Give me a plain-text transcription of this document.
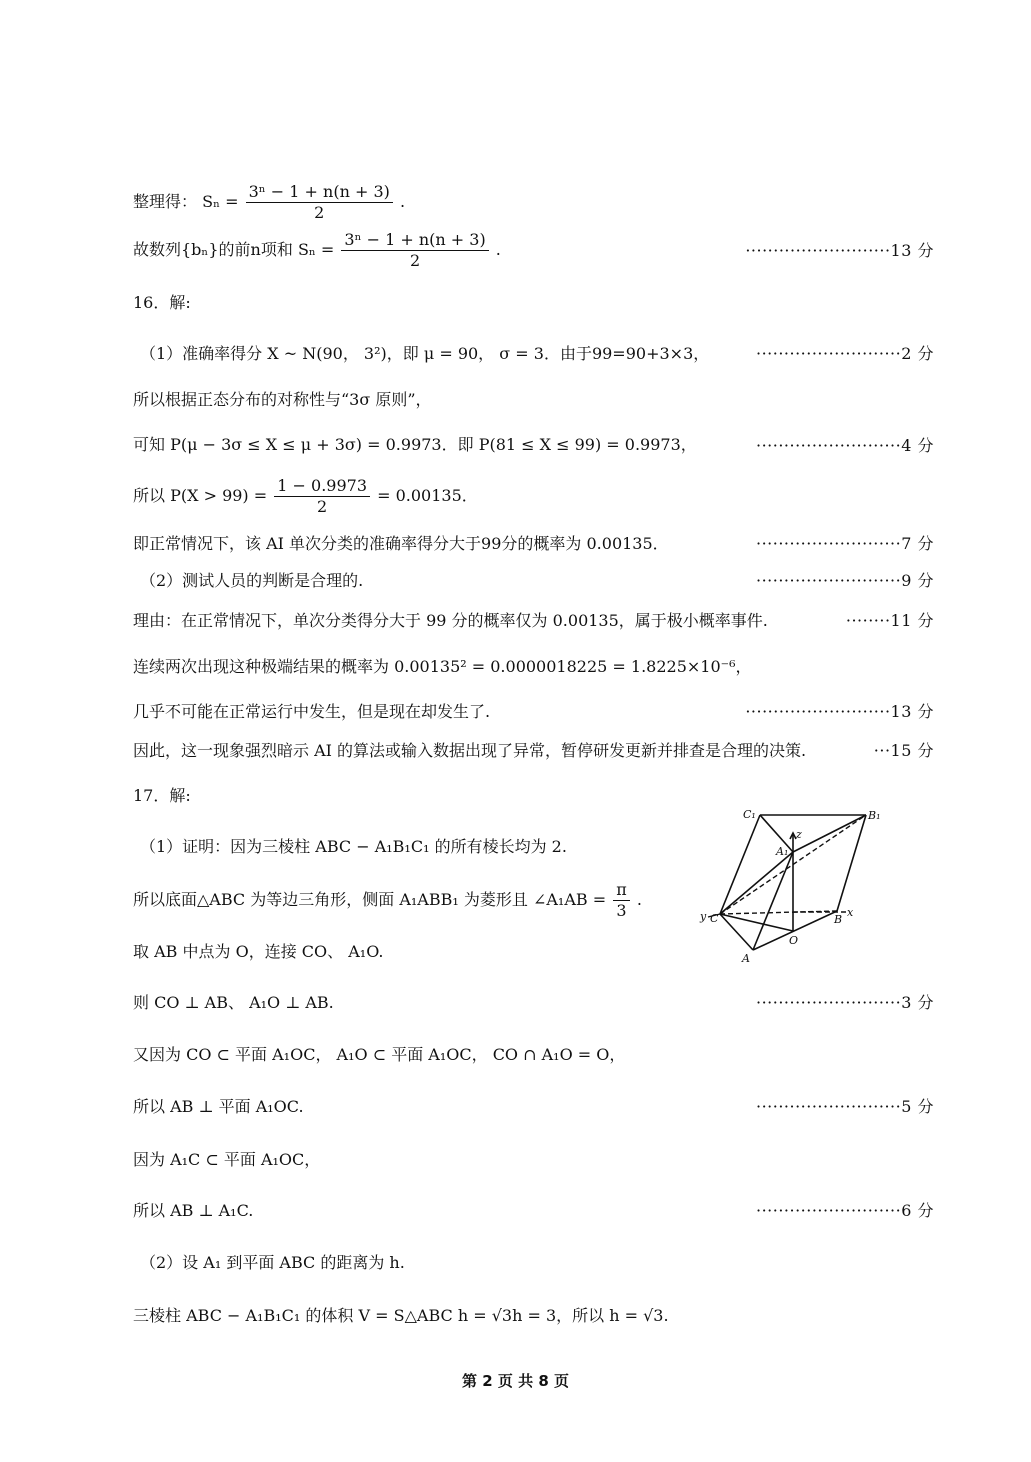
整理得： $S_n = \frac{\text{3ⁿ − 1 + n(n + 3)}}{2}$ .
故数列{bₙ}的前n项和 $S_n = \frac{\text{3ⁿ − 1 + n(n + 3)}}{2}$ .	··························13 分
16．解:
（1）准确率得分 X ~ N(90， 3²)，即 μ = 90， σ = 3．由于99=90+3×3，	··························2 分
所以根据正态分布的对称性与“3σ 原则”，
可知 P(μ − 3σ ≤ X ≤ μ + 3σ) = 0.9973．即 P(81 ≤ X ≤ 99) = 0.9973，	··························4 分
所以 $P(X > 99) = \frac{1 - 0.9973}{2} = 0.00135$．
即正常情况下，该 AI 单次分类的准确率得分大于99分的概率为 0.00135．	··························7 分
（2）测试人员的判断是合理的.	··························9 分
理由：在正常情况下，单次分类得分大于 99 分的概率仅为 0.00135，属于极小概率事件.	········11 分
连续两次出现这种极端结果的概率为 0.00135² = 0.0000018225 = 1.8225×10⁻⁶，
几乎不可能在正常运行中发生，但是现在却发生了.	··························13 分
因此，这一现象强烈暗示 AI 的算法或输入数据出现了异常，暂停研发更新并排查是合理的决策.	···15 分
17．解:
（1）证明：因为三棱柱 ABC − A₁B₁C₁ 的所有棱长均为 2.
所以底面△ABC 为等边三角形，侧面 A₁ABB₁ 为菱形且 ∠A₁AB = $\frac{\pi}{3}$ .
取 AB 中点为 O，连接 CO、 A₁O.
则 CO ⊥ AB、 A₁O ⊥ AB.	··························3 分
又因为 CO ⊂ 平面 A₁OC， A₁O ⊂ 平面 A₁OC， CO ∩ A₁O = O，
所以 AB ⊥ 平面 A₁OC.	··························5 分
因为 A₁C ⊂ 平面 A₁OC，
所以 AB ⊥ A₁C.	··························6 分
（2）设 A₁ 到平面 ABC 的距离为 h.
三棱柱 ABC − A₁B₁C₁ 的体积 V = S△ABC h = √3h = 3，所以 h = √3.
C₁	B₁
A₁
z
y C	B
x
O
A
第 2 页 共 8 页
